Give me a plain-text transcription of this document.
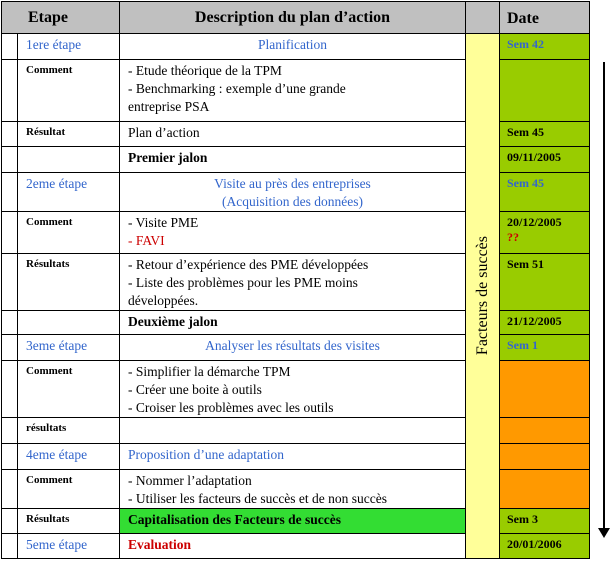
Etape		Description du plan d’action		Date
	1ere étape	Planification	Facteurs de succès	Sem 42
	Comment	- Etude théorique de la TPM
- Benchmarking : exemple d’une grande
entreprise PSA		

	Résultat	Plan d’action		Sem 45
		Premier jalon		09/11/2005
	2eme étape	Visite au près des entreprises
(Acquisition des données)		Sem 45
	Comment	- Visite PME
- FAVI		20/12/2005
??

	Résultats	- Retour d’expérience des PME développées
- Liste des problèmes pour les PME moins
développées.		Sem 51
		Deuxième jalon		21/12/2005
	3eme étape	Analyser les résultats des visites		Sem 1
	Comment	- Simplifier la démarche TPM
- Créer une boite à outils
- Croiser les problèmes avec les outils		

	résultats			
	4eme étape	Proposition d’une adaptation		
	Comment	- Nommer l’adaptation
- Utiliser les facteurs de succès et de non succès		

	Résultats	Capitalisation des Facteurs de succès		Sem 3
	5eme étape	Evaluation		20/01/2006
